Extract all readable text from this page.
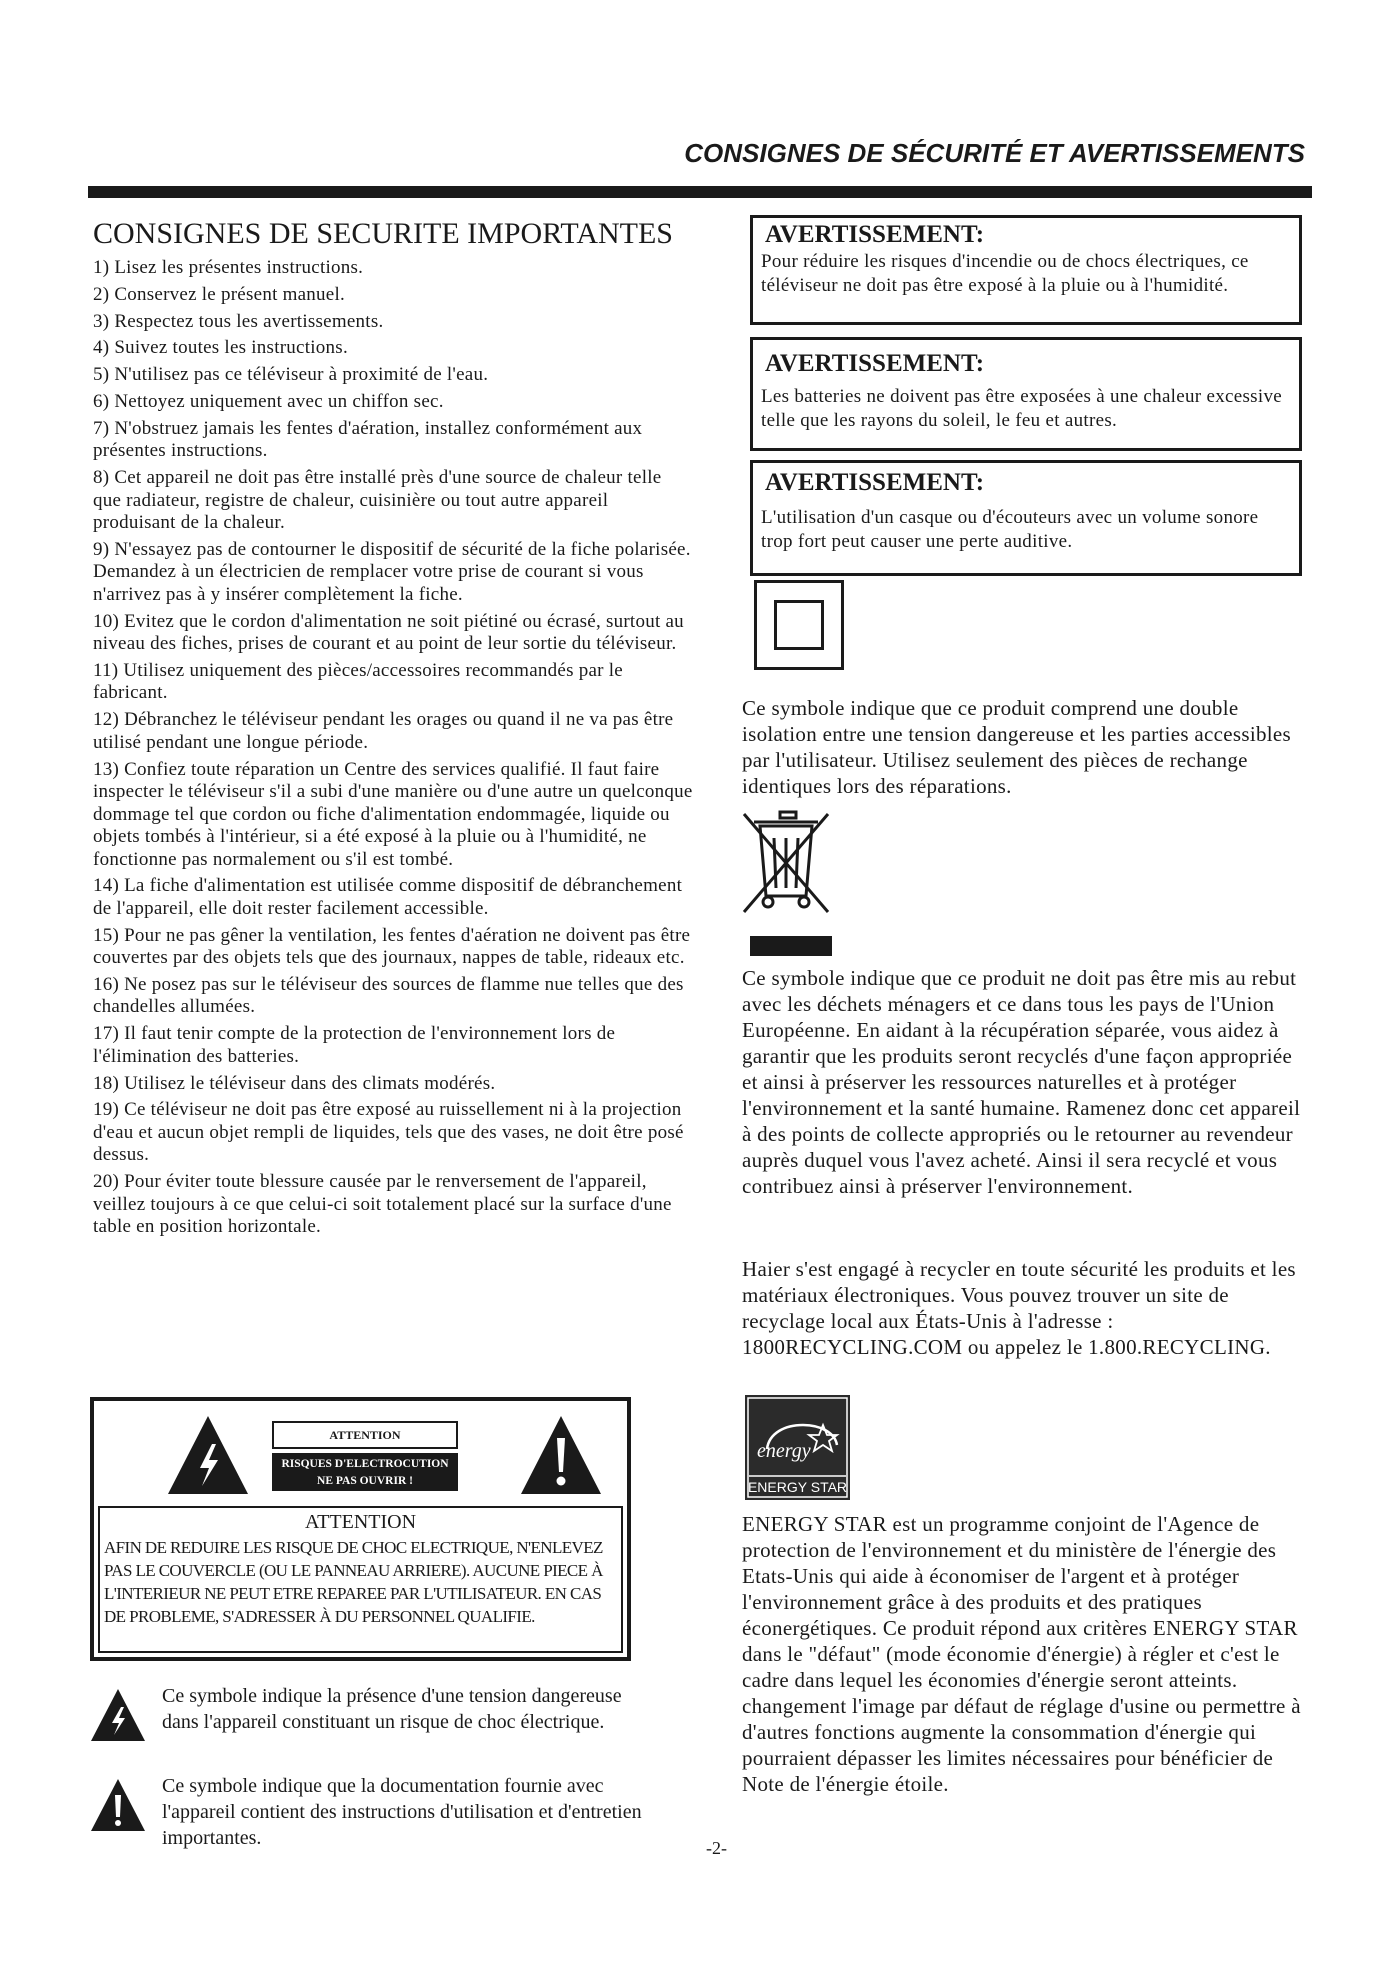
CONSIGNES DE SÉCURITÉ ET AVERTISSEMENTS
CONSIGNES DE SECURITE IMPORTANTES
1) Lisez les présentes instructions.
2) Conservez le présent manuel.
3) Respectez tous les avertissements.
4) Suivez toutes les instructions.
5) N'utilisez pas ce téléviseur à proximité de l'eau.
6) Nettoyez uniquement avec un chiffon sec.
7) N'obstruez jamais les fentes d'aération, installez conformément aux présentes instructions.
8) Cet appareil ne doit pas être installé près d'une source de chaleur telle que radiateur, registre de chaleur, cuisinière ou tout autre appareil produisant de la chaleur.
9) N'essayez pas de contourner le dispositif de sécurité de la fiche polarisée. Demandez à un électricien de remplacer votre prise de courant si vous n'arrivez pas à y insérer complètement la fiche.
10) Evitez que le cordon d'alimentation ne soit piétiné ou écrasé, surtout au niveau des fiches, prises de courant et au point de leur sortie du téléviseur.
11) Utilisez uniquement des pièces/accessoires recommandés par le fabricant.
12) Débranchez le téléviseur pendant les orages ou quand il ne va pas être utilisé pendant une longue période.
13) Confiez toute réparation un Centre des services qualifié. Il faut faire inspecter le téléviseur s'il a subi d'une manière ou d'une autre un quelconque dommage tel que cordon ou fiche d'alimentation endommagée, liquide ou objets tombés à l'intérieur, si a été exposé à la pluie ou à l'humidité, ne fonctionne pas normalement ou s'il est tombé.
14) La fiche d'alimentation est utilisée comme dispositif de débranchement de l'appareil, elle doit rester facilement accessible.
15) Pour ne pas gêner la ventilation, les fentes d'aération ne doivent pas être couvertes par des objets tels que des journaux, nappes de table, rideaux etc.
16) Ne posez pas sur le téléviseur des sources de flamme nue telles que des chandelles allumées.
17) Il faut tenir compte de la protection de l'environnement lors de l'élimination des batteries.
18) Utilisez le téléviseur dans des climats modérés.
19) Ce téléviseur ne doit pas être exposé au ruissellement ni à la projection d'eau et aucun objet rempli de liquides, tels que des vases, ne doit être posé dessus.
20) Pour éviter toute blessure causée par le renversement de l'appareil, veillez toujours à ce que celui-ci soit totalement placé sur la surface d'une table en position horizontale.
ATTENTION
RISQUES D'ELECTROCUTION
NE PAS OUVRIR !
ATTENTION
AFIN DE REDUIRE LES RISQUE DE CHOC ELECTRIQUE, N'ENLEVEZ PAS LE COUVERCLE (OU LE PANNEAU ARRIERE). AUCUNE PIECE À L'INTERIEUR NE PEUT ETRE REPAREE PAR L'UTILISATEUR. EN CAS DE PROBLEME, S'ADRESSER À DU PERSONNEL QUALIFIE.
Ce symbole indique la présence d'une tension dangereuse dans l'appareil constituant un risque de choc électrique.
Ce symbole indique que la documentation fournie avec l'appareil contient des instructions d'utilisation et d'entretien importantes.
AVERTISSEMENT:
Pour réduire les risques d'incendie ou de chocs électriques, ce téléviseur ne doit pas être exposé à la pluie ou à l'humidité.
AVERTISSEMENT:
Les batteries ne doivent pas être exposées à une chaleur excessive telle que les rayons du soleil, le feu et autres.
AVERTISSEMENT:
L'utilisation d'un casque ou d'écouteurs avec un volume sonore trop fort peut causer une perte auditive.
Ce symbole indique que ce produit comprend une double isolation entre une tension dangereuse et les parties accessibles par l'utilisateur. Utilisez seulement des pièces de rechange identiques lors des réparations.
Ce symbole indique que ce produit ne doit pas être mis au rebut avec les déchets ménagers et ce dans tous les pays de l'Union Européenne. En aidant à la récupération séparée, vous aidez à garantir que les produits seront recyclés d'une façon appropriée et ainsi à préserver les ressources naturelles et à protéger l'environnement et la santé humaine. Ramenez donc cet appareil à des points de collecte appropriés ou le retourner au revendeur auprès duquel vous l'avez acheté. Ainsi il sera recyclé et vous contribuez ainsi à préserver l'environnement.
Haier s'est engagé à recycler en toute sécurité les produits et les matériaux électroniques. Vous pouvez trouver un site de recyclage local aux États-Unis à l'adresse : 1800RECYCLING.COM ou appelez le 1.800.RECYCLING.
energy
ENERGY STAR
ENERGY STAR est un programme conjoint de l'Agence de protection de l'environnement et du ministère de l'énergie des Etats-Unis qui aide à économiser de l'argent et à protéger l'environnement grâce à des produits et des pratiques éconergétiques. Ce produit répond aux critères ENERGY STAR dans le "défaut" (mode économie d'énergie) à régler et c'est le cadre dans lequel les économies d'énergie seront atteints. changement l'image par défaut de réglage d'usine ou permettre à d'autres fonctions augmente la consommation d'énergie qui pourraient dépasser les limites nécessaires pour bénéficier de Note de l'énergie étoile.
-2-
